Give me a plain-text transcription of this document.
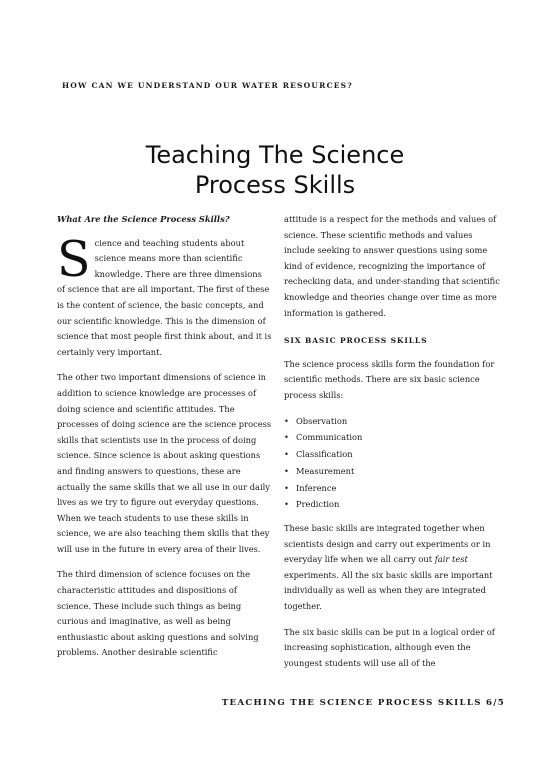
HOW CAN WE UNDERSTAND OUR WATER RESOURCES?
Teaching The Science
Process Skills
What Are the Science Process Skills?

Science and teaching students about science means more than scientific knowledge. There are three dimensions of science that are all important. The first of these is the content of science, the basic concepts, and our scientific knowledge. This is the dimension of science that most people first think about, and it is certainly very important.

The other two important dimensions of science in addition to science knowledge are processes of doing science and scientific attitudes. The processes of doing science are the science process skills that scientists use in the process of doing science. Since science is about asking questions and finding answers to questions, these are actually the same skills that we all use in our daily lives as we try to figure out everyday questions. When we teach students to use these skills in science, we are also teaching them skills that they will use in the future in every area of their lives.

The third dimension of science focuses on the characteristic attitudes and dispositions of science. These include such things as being curious and imaginative, as well as being enthusiastic about asking questions and solving problems. Another desirable scientific

attitude is a respect for the methods and values of science. These scientific methods and values include seeking to answer questions using some kind of evidence, recognizing the importance of rechecking data, and under-standing that scientific knowledge and theories change over time as more information is gathered.

SIX BASIC PROCESS SKILLS

The science process skills form the foundation for scientific methods. There are six basic science process skills:

• Observation
• Communication
• Classification
• Measurement
• Inference
• Prediction

These basic skills are integrated together when scientists design and carry out experiments or in everyday life when we all carry out fair test experiments. All the six basic skills are important individually as well as when they are integrated together.

The six basic skills can be put in a logical order of increasing sophistication, although even the youngest students will use all of the

TEACHING THE SCIENCE PROCESS SKILLS 6/5
